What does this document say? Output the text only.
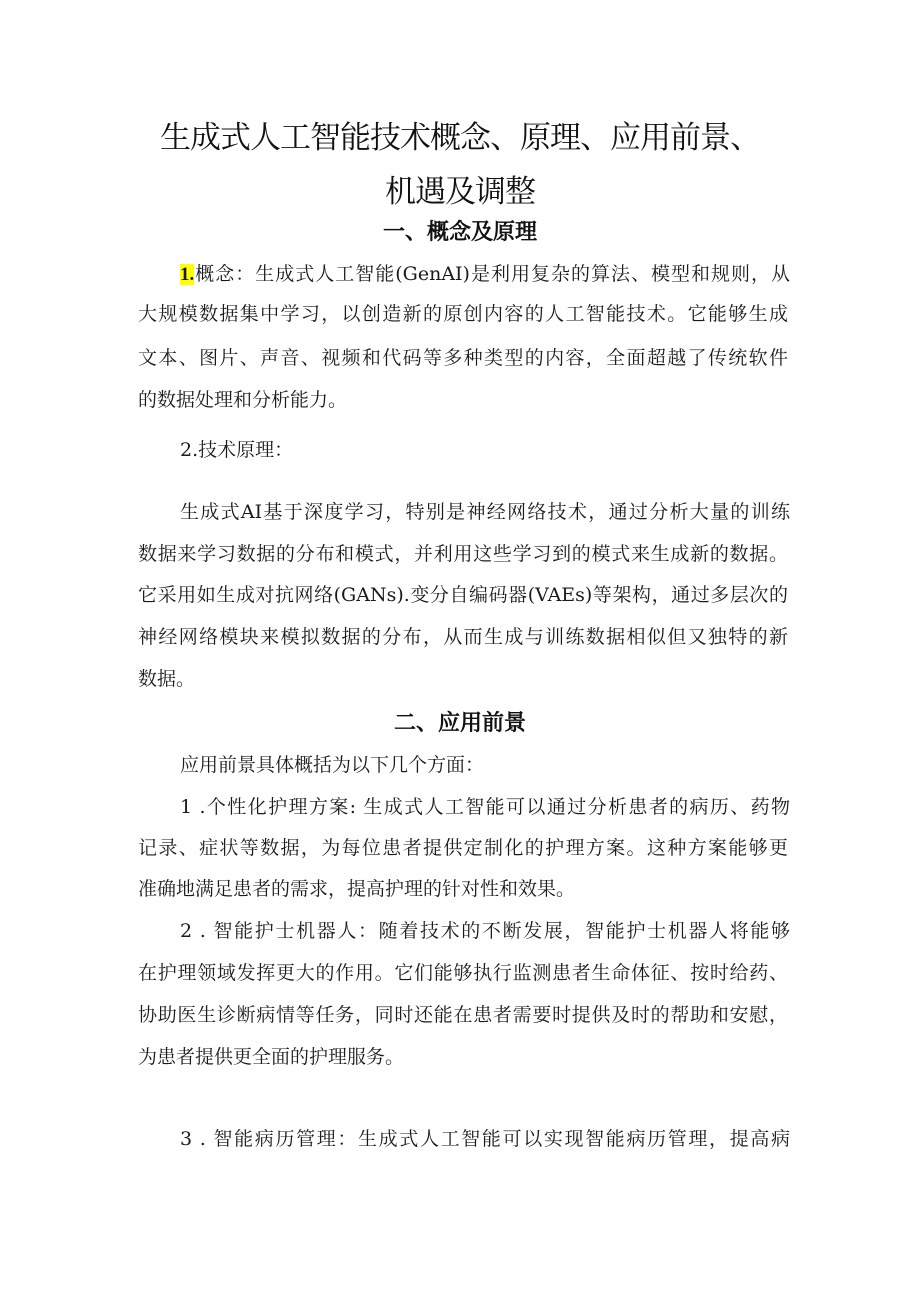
生成式人工智能技术概念、原理、应用前景、
机遇及调整
一、概念及原理
1.概念：生成式人工智能(GenAI)是利用复杂的算法、模型和规则，从
大规模数据集中学习，以创造新的原创内容的人工智能技术。它能够生成
文本、图片、声音、视频和代码等多种类型的内容，全面超越了传统软件
的数据处理和分析能力。
2.技术原理：
生成式AI基于深度学习，特别是神经网络技术，通过分析大量的训练
数据来学习数据的分布和模式，并利用这些学习到的模式来生成新的数据。
它采用如生成对抗网络(GANs).变分自编码器(VAEs)等架构，通过多层次的
神经网络模块来模拟数据的分布，从而生成与训练数据相似但又独特的新
数据。
二、应用前景
应用前景具体概括为以下几个方面：
1 .个性化护理方案: 生成式人工智能可以通过分析患者的病历、药物
记录、症状等数据，为每位患者提供定制化的护理方案。这种方案能够更
准确地满足患者的需求，提高护理的针对性和效果。
2 . 智能护士机器人：随着技术的不断发展，智能护士机器人将能够
在护理领域发挥更大的作用。它们能够执行监测患者生命体征、按时给药、
协助医生诊断病情等任务，同时还能在患者需要时提供及时的帮助和安慰，
为患者提供更全面的护理服务。
3 . 智能病历管理：生成式人工智能可以实现智能病历管理，提高病
